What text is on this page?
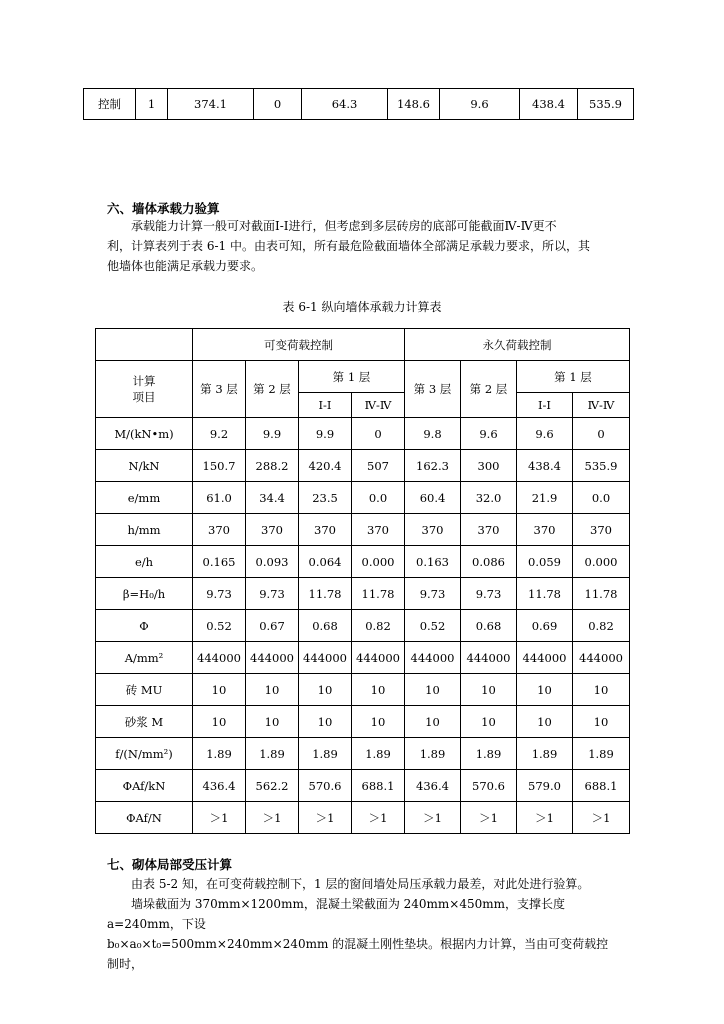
控制	1	374.1	0	64.3	148.6	9.6	438.4	535.9
六、墙体承载力验算
承载能力计算一般可对截面Ⅰ-Ⅰ进行，但考虑到多层砖房的底部可能截面Ⅳ-Ⅳ更不
利，计算表列于表 6-1 中。由表可知，所有最危险截面墙体全部满足承载力要求，所以，其
他墙体也能满足承载力要求。
表 6-1 纵向墙体承载力计算表
	可变荷载控制				永久荷载控制			

计算
项目	第 3 层	第 2 层	第 1 层		第 3 层	第 2 层	第 1 层	
			Ⅰ-Ⅰ	Ⅳ-Ⅳ			Ⅰ-Ⅰ	Ⅳ-Ⅳ
M/(kN•m)	9.2	9.9	9.9	0	9.8	9.6	9.6	0
N/kN	150.7	288.2	420.4	507	162.3	300	438.4	535.9
e/mm	61.0	34.4	23.5	0.0	60.4	32.0	21.9	0.0
h/mm	370	370	370	370	370	370	370	370
e/h	0.165	0.093	0.064	0.000	0.163	0.086	0.059	0.000
β=H₀/h	9.73	9.73	11.78	11.78	9.73	9.73	11.78	11.78
Φ	0.52	0.67	0.68	0.82	0.52	0.68	0.69	0.82
A/mm²	444000	444000	444000	444000	444000	444000	444000	444000
砖 MU	10	10	10	10	10	10	10	10
砂浆 M	10	10	10	10	10	10	10	10
f/(N/mm²)	1.89	1.89	1.89	1.89	1.89	1.89	1.89	1.89
ΦAf/kN	436.4	562.2	570.6	688.1	436.4	570.6	579.0	688.1
ΦAf/N	＞1	＞1	＞1	＞1	＞1	＞1	＞1	＞1
七、砌体局部受压计算
由表 5-2 知，在可变荷载控制下，1 层的窗间墙处局压承载力最差，对此处进行验算。
墙垛截面为 370mm×1200mm，混凝土梁截面为 240mm×450mm，支撑长度 a=240mm，下设
b₀×a₀×t₀=500mm×240mm×240mm 的混凝土刚性垫块。根据内力计算，当由可变荷载控制时，
